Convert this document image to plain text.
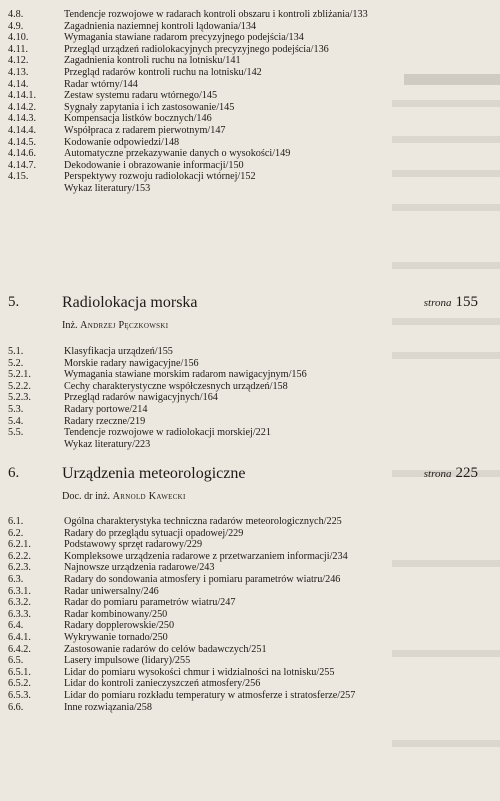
4.8.	Tendencje rozwojowe w radarach kontroli obszaru i kontroli zbliżania/133
4.9.	Zagadnienia naziemnej kontroli lądowania/134
4.10.	Wymagania stawiane radarom precyzyjnego podejścia/134
4.11.	Przegląd urządzeń radiolokacyjnych precyzyjnego podejścia/136
4.12.	Zagadnienia kontroli ruchu na lotnisku/141
4.13.	Przegląd radarów kontroli ruchu na lotnisku/142
4.14.	Radar wtórny/144
4.14.1.	Zestaw systemu radaru wtórnego/145
4.14.2.	Sygnały zapytania i ich zastosowanie/145
4.14.3.	Kompensacja listków bocznych/146
4.14.4.	Współpraca z radarem pierwotnym/147
4.14.5.	Kodowanie odpowiedzi/148
4.14.6.	Automatyczne przekazywanie danych o wysokości/149
4.14.7.	Dekodowanie i obrazowanie informacji/150
4.15.	Perspektywy rozwoju radiolokacji wtórnej/152
Wykaz literatury/153
5.	Radiolokacja morska	strona 155
Inż. Andrzej Pęczkowski
5.1.	Klasyfikacja urządzeń/155
5.2.	Morskie radary nawigacyjne/156
5.2.1.	Wymagania stawiane morskim radarom nawigacyjnym/156
5.2.2.	Cechy charakterystyczne współczesnych urządzeń/158
5.2.3.	Przegląd radarów nawigacyjnych/164
5.3.	Radary portowe/214
5.4.	Radary rzeczne/219
5.5.	Tendencje rozwojowe w radiolokacji morskiej/221
Wykaz literatury/223
6.	Urządzenia meteorologiczne	strona 225
Doc. dr inż. Arnold Kawecki
6.1.	Ogólna charakterystyka techniczna radarów meteorologicznych/225
6.2.	Radary do przeglądu sytuacji opadowej/229
6.2.1.	Podstawowy sprzęt radarowy/229
6.2.2.	Kompleksowe urządzenia radarowe z przetwarzaniem informacji/234
6.2.3.	Najnowsze urządzenia radarowe/243
6.3.	Radary do sondowania atmosfery i pomiaru parametrów wiatru/246
6.3.1.	Radar uniwersalny/246
6.3.2.	Radar do pomiaru parametrów wiatru/247
6.3.3.	Radar kombinowany/250
6.4.	Radary dopplerowskie/250
6.4.1.	Wykrywanie tornado/250
6.4.2.	Zastosowanie radarów do celów badawczych/251
6.5.	Lasery impulsowe (lidary)/255
6.5.1.	Lidar do pomiaru wysokości chmur i widzialności na lotnisku/255
6.5.2.	Lidar do kontroli zanieczyszczeń atmosfery/256
6.5.3.	Lidar do pomiaru rozkładu temperatury w atmosferze i stratosferze/257
6.6.	Inne rozwiązania/258
